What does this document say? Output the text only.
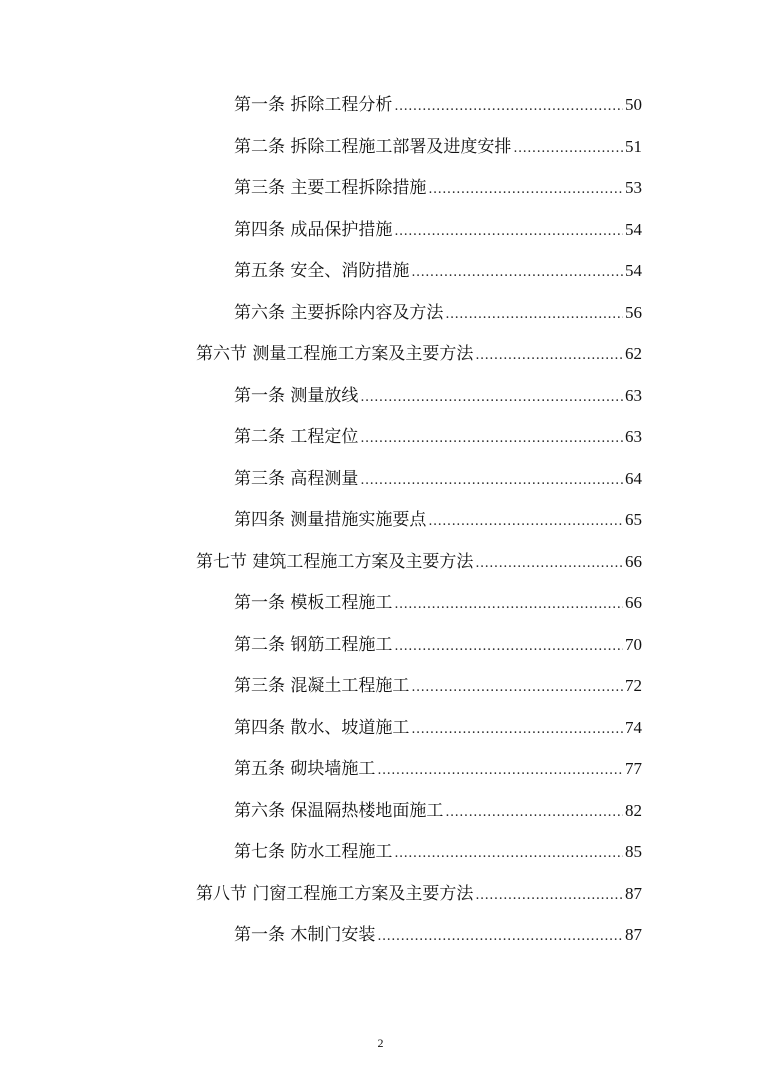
第一条 拆除工程分析 .....	50
第二条 拆除工程施工部署及进度安排 .....	51
第三条 主要工程拆除措施 .....	53
第四条 成品保护措施 .....	54
第五条 安全、消防措施 .....	54
第六条 主要拆除内容及方法 .....	56
第六节 测量工程施工方案及主要方法 .....	62
第一条 测量放线 .....	63
第二条 工程定位 .....	63
第三条 高程测量 .....	64
第四条 测量措施实施要点 .....	65
第七节 建筑工程施工方案及主要方法 .....	66
第一条 模板工程施工 .....	66
第二条 钢筋工程施工 .....	70
第三条 混凝土工程施工 .....	72
第四条 散水、坡道施工 .....	74
第五条 砌块墙施工 .....	77
第六条 保温隔热楼地面施工 .....	82
第七条 防水工程施工 .....	85
第八节 门窗工程施工方案及主要方法 .....	87
第一条 木制门安装 .....	87
2
